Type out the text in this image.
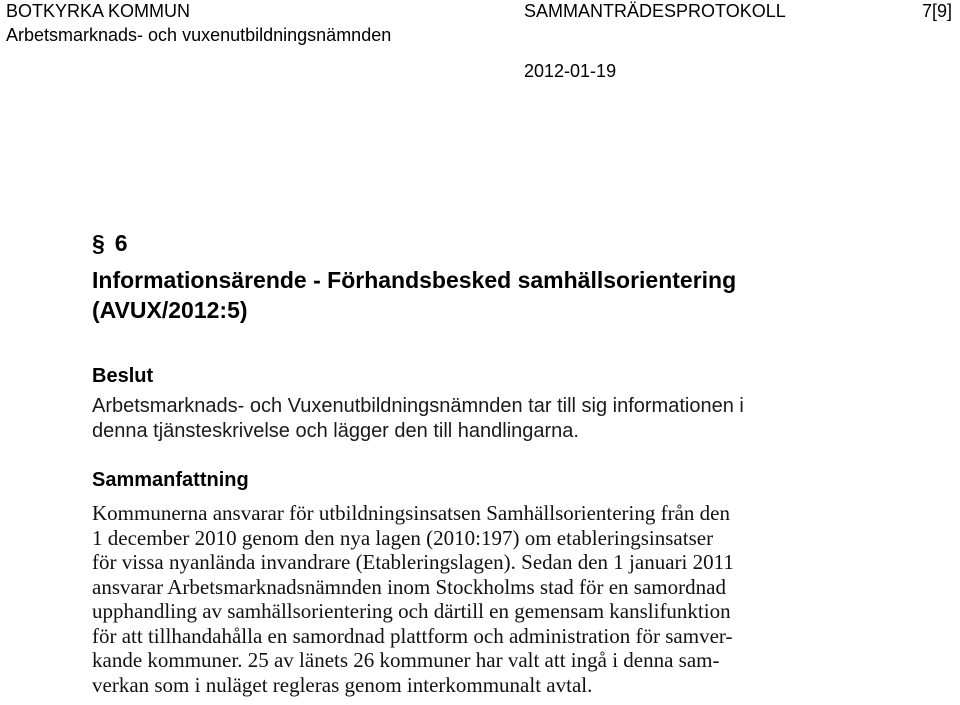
BOTKYRKA KOMMUN	SAMMANTRÄDESPROTOKOLL	7[9]
Arbetsmarknads- och vuxenutbildningsnämnden
2012-01-19
§ 6
Informationsärende - Förhandsbesked samhällsorientering
(AVUX/2012:5)
Beslut
Arbetsmarknads- och Vuxenutbildningsnämnden tar till sig informationen i
denna tjänsteskrivelse och lägger den till handlingarna.
Sammanfattning
Kommunerna ansvarar för utbildningsinsatsen Samhällsorientering från den
1 december 2010 genom den nya lagen (2010:197) om etableringsinsatser
för vissa nyanlända invandrare (Etableringslagen). Sedan den 1 januari 2011
ansvarar Arbetsmarknadsnämnden inom Stockholms stad för en samordnad
upphandling av samhällsorientering och därtill en gemensam kanslifunktion
för att tillhandahålla en samordnad plattform och administration för samver-
kande kommuner. 25 av länets 26 kommuner har valt att ingå i denna sam-
verkan som i nuläget regleras genom interkommunalt avtal.
